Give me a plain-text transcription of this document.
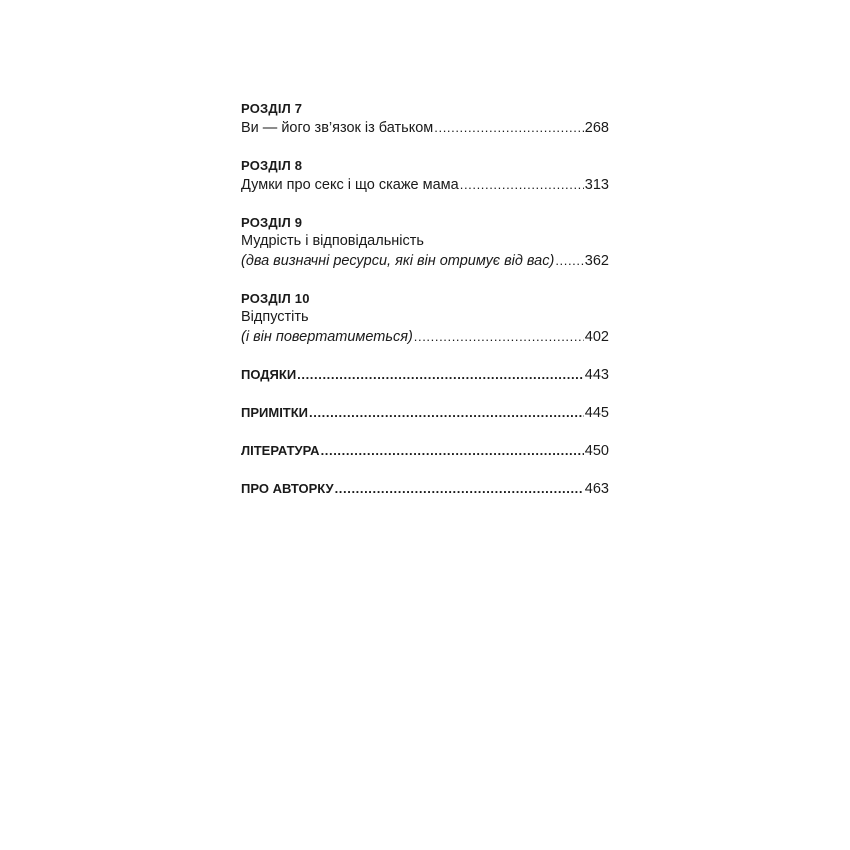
РОЗДІЛ 7
Ви — його зв’язок із батьком .....	268
РОЗДІЛ 8
Думки про секс і що скаже мама .....	313
РОЗДІЛ 9
Мудрість і відповідальність
(два визначні ресурси, які він отримує від вас) ..... 362
РОЗДІЛ 10
Відпустіть
(і він повертатиметься) .....	402
ПОДЯКИ .....	443
ПРИМІТКИ .....	445
ЛІТЕРАТУРА .....	450
ПРО АВТОРКУ .....	463
